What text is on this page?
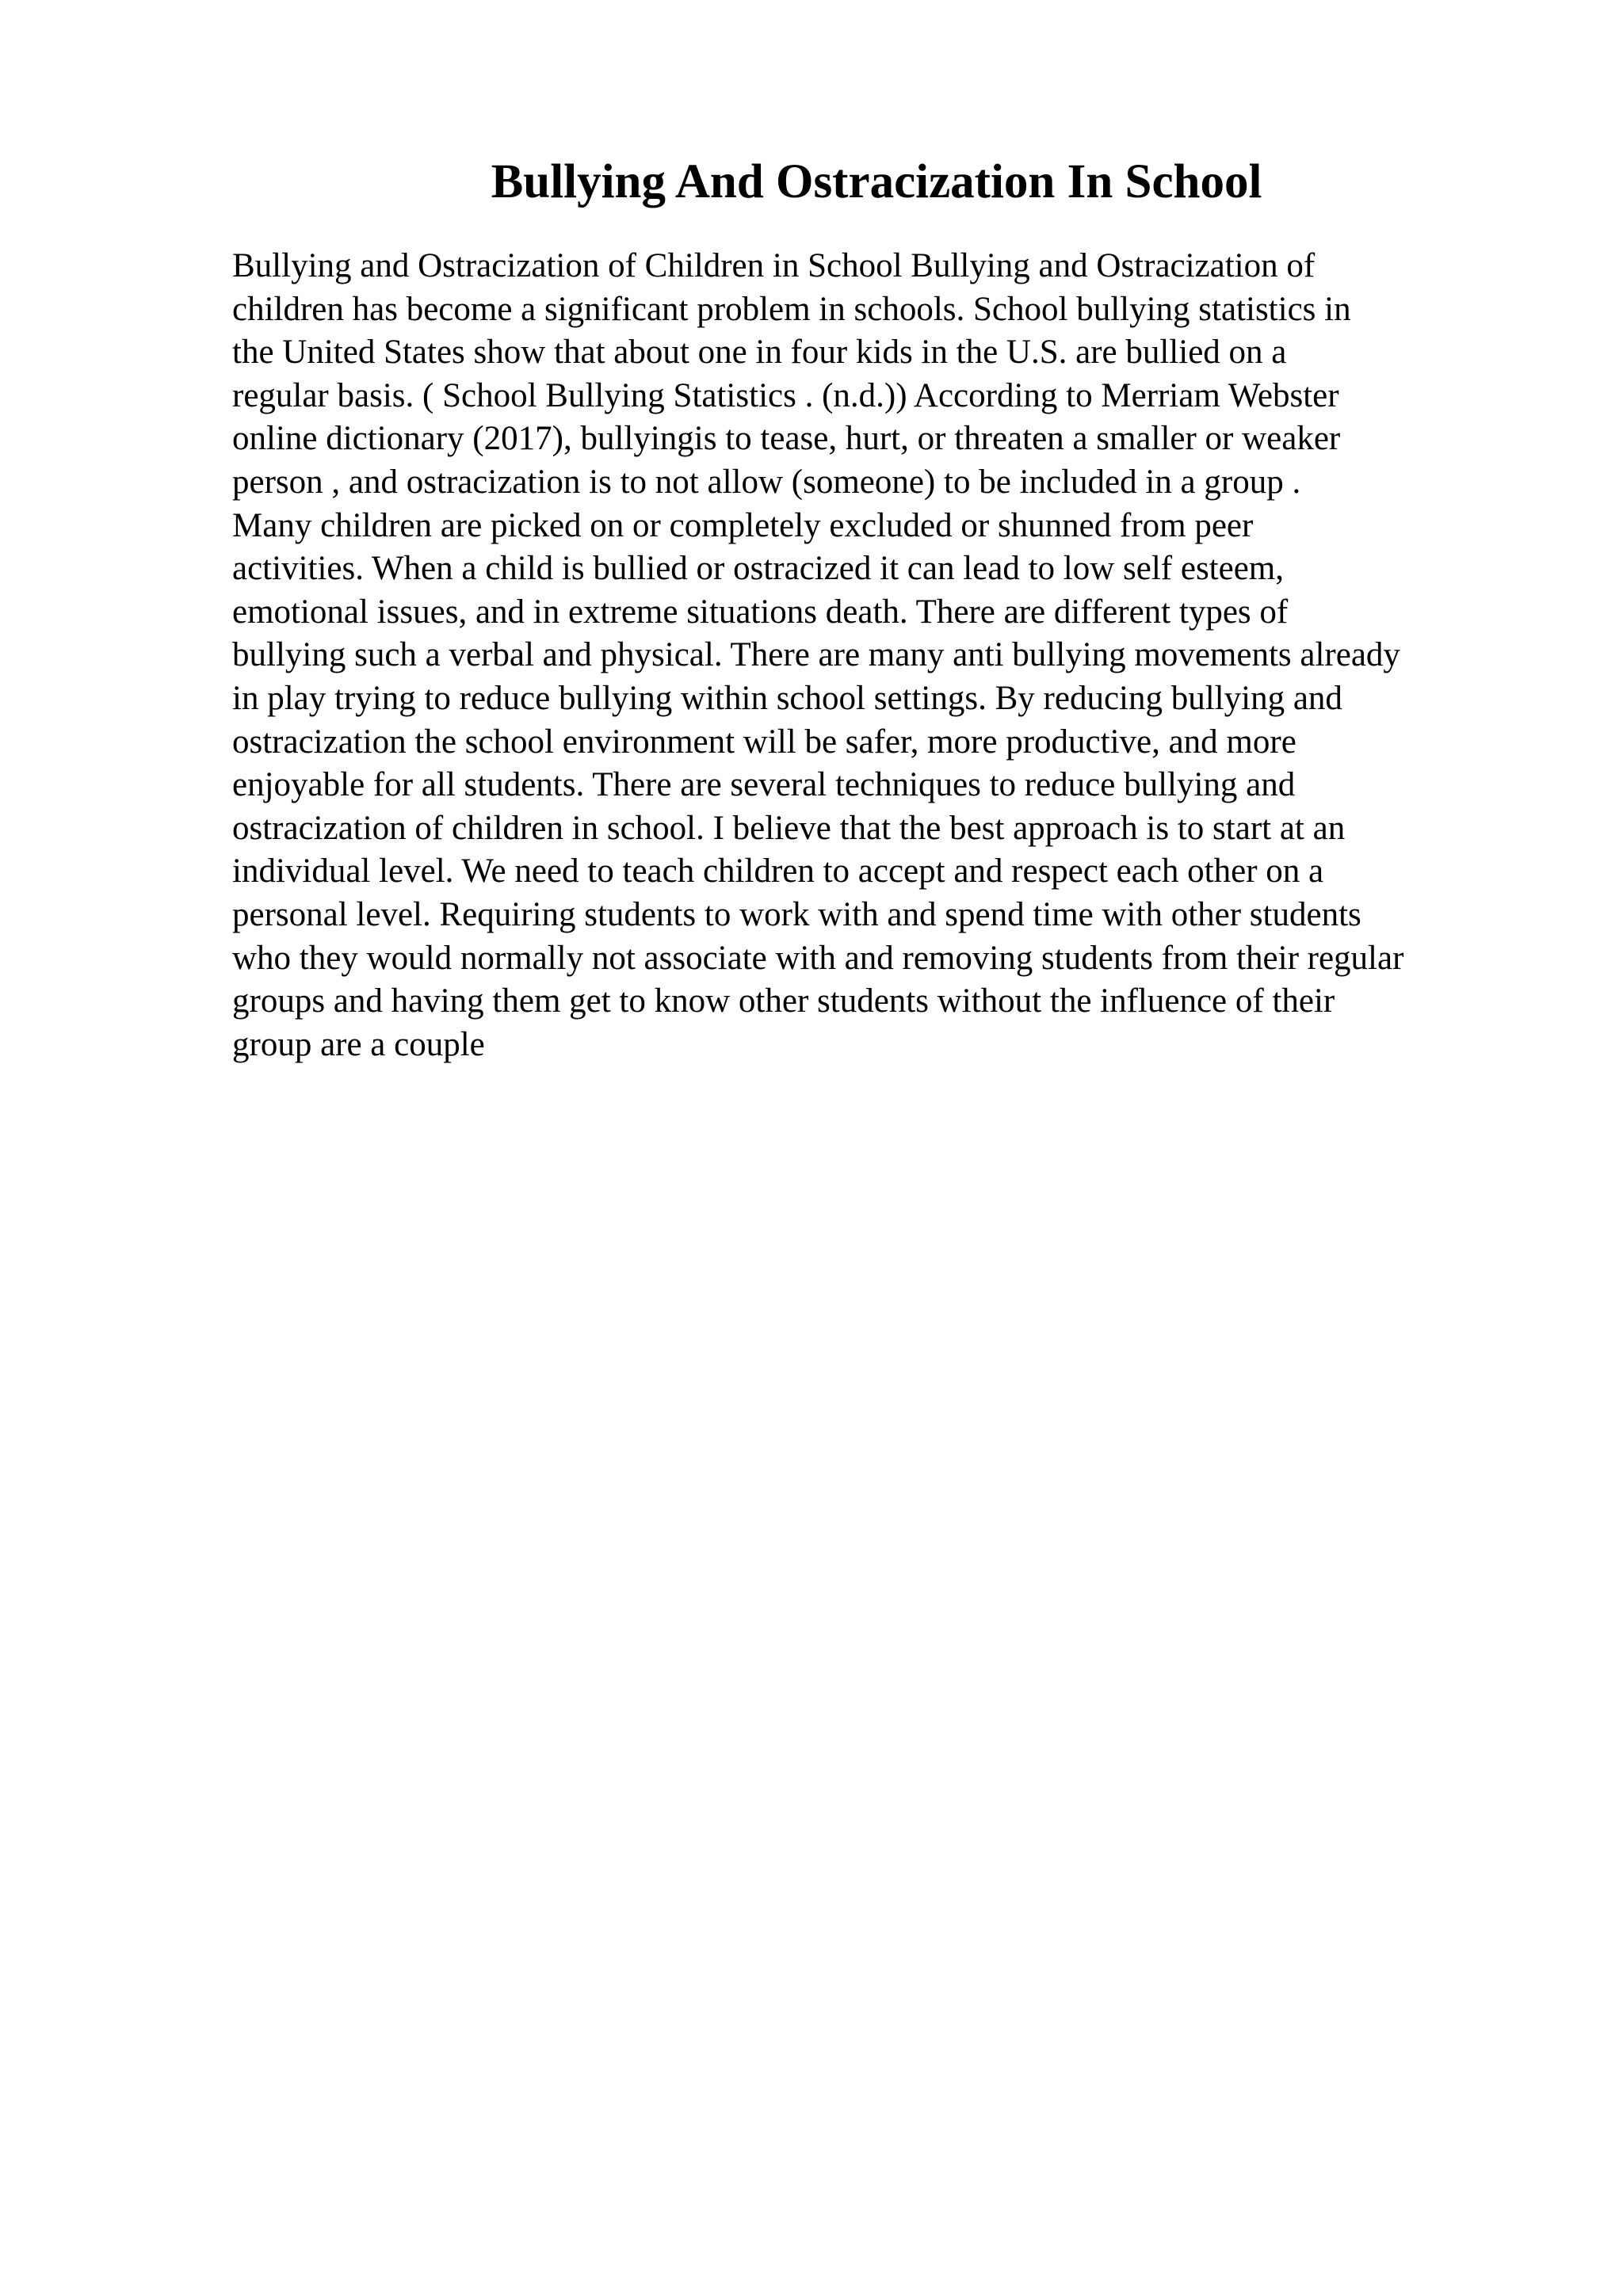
Bullying And Ostracization In School
Bullying and Ostracization of Children in School Bullying and Ostracization of
children has become a significant problem in schools. School bullying statistics in
the United States show that about one in four kids in the U.S. are bullied on a
regular basis. ( School Bullying Statistics . (n.d.)) According to Merriam Webster
online dictionary (2017), bullyingis to tease, hurt, or threaten a smaller or weaker
person , and ostracization is to not allow (someone) to be included in a group .
Many children are picked on or completely excluded or shunned from peer
activities. When a child is bullied or ostracized it can lead to low self esteem,
emotional issues, and in extreme situations death. There are different types of
bullying such a verbal and physical. There are many anti bullying movements already
in play trying to reduce bullying within school settings. By reducing bullying and
ostracization the school environment will be safer, more productive, and more
enjoyable for all students. There are several techniques to reduce bullying and
ostracization of children in school. I believe that the best approach is to start at an
individual level. We need to teach children to accept and respect each other on a
personal level. Requiring students to work with and spend time with other students
who they would normally not associate with and removing students from their regular
groups and having them get to know other students without the influence of their
group are a couple
